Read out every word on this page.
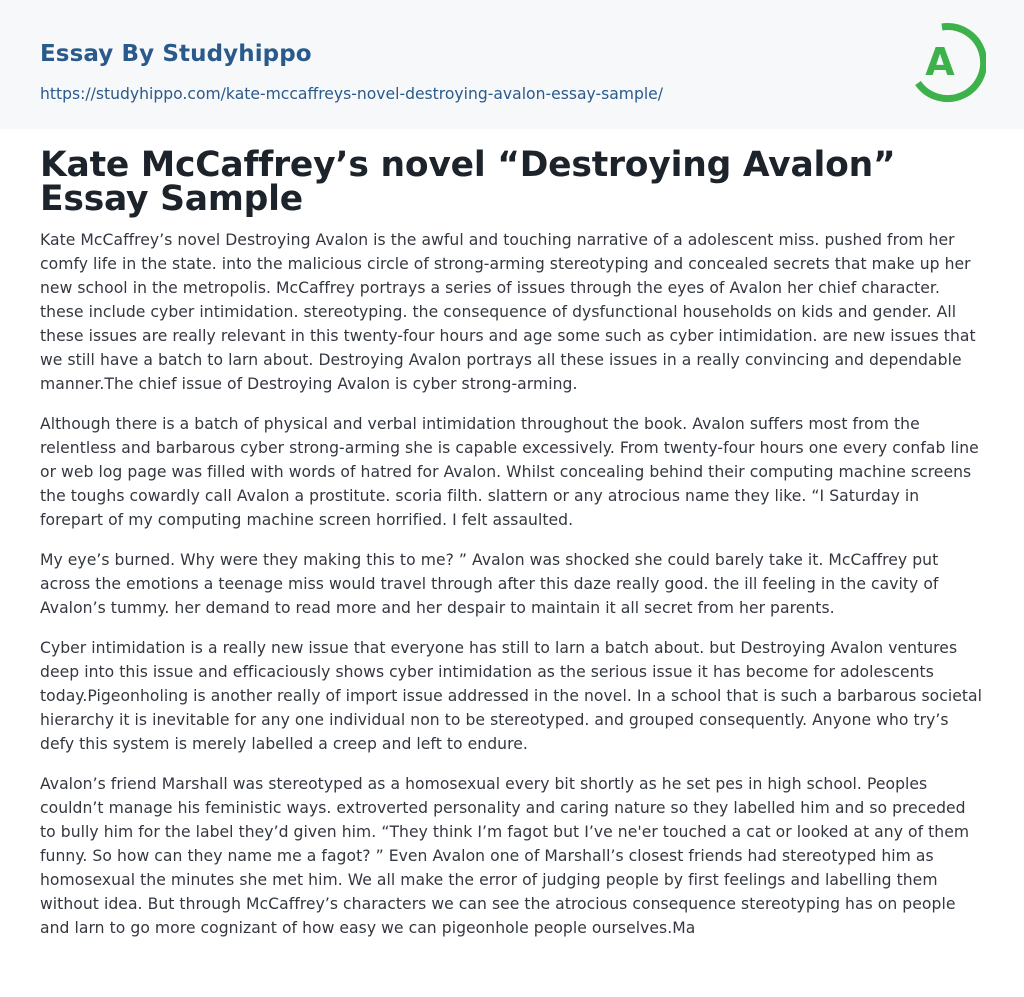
Essay By Studyhippo
https://studyhippo.com/kate-mccaffreys-novel-destroying-avalon-essay-sample/
A
Kate McCaffrey’s novel “Destroying Avalon” Essay Sample

Kate McCaffrey’s novel Destroying Avalon is the awful and touching narrative of a adolescent miss. pushed from her comfy life in the state. into the malicious circle of strong-arming stereotyping and concealed secrets that make up her new school in the metropolis. McCaffrey portrays a series of issues through the eyes of Avalon her chief character. these include cyber intimidation. stereotyping. the consequence of dysfunctional households on kids and gender. All these issues are really relevant in this twenty-four hours and age some such as cyber intimidation. are new issues that we still have a batch to larn about. Destroying Avalon portrays all these issues in a really convincing and dependable manner.The chief issue of Destroying Avalon is cyber strong-arming.

Although there is a batch of physical and verbal intimidation throughout the book. Avalon suffers most from the relentless and barbarous cyber strong-arming she is capable excessively. From twenty-four hours one every confab line or web log page was filled with words of hatred for Avalon. Whilst concealing behind their computing machine screens the toughs cowardly call Avalon a prostitute. scoria filth. slattern or any atrocious name they like. “I Saturday in forepart of my computing machine screen horrified. I felt assaulted.

My eye’s burned. Why were they making this to me? ” Avalon was shocked she could barely take it. McCaffrey put across the emotions a teenage miss would travel through after this daze really good. the ill feeling in the cavity of Avalon’s tummy. her demand to read more and her despair to maintain it all secret from her parents.

Cyber intimidation is a really new issue that everyone has still to larn a batch about. but Destroying Avalon ventures deep into this issue and efficaciously shows cyber intimidation as the serious issue it has become for adolescents today.Pigeonholing is another really of import issue addressed in the novel. In a school that is such a barbarous societal hierarchy it is inevitable for any one individual non to be stereotyped. and grouped consequently. Anyone who try’s defy this system is merely labelled a creep and left to endure.

Avalon’s friend Marshall was stereotyped as a homosexual every bit shortly as he set pes in high school. Peoples couldn’t manage his feministic ways. extroverted personality and caring nature so they labelled him and so preceded to bully him for the label they’d given him. “They think I’m fagot but I’ve ne'er touched a cat or looked at any of them funny. So how can they name me a fagot? ” Even Avalon one of Marshall’s closest friends had stereotyped him as homosexual the minutes she met him. We all make the error of judging people by first feelings and labelling them without idea. But through McCaffrey’s characters we can see the atrocious consequence stereotyping has on people and larn to go more cognizant of how easy we can pigeonhole people ourselves.Ma
